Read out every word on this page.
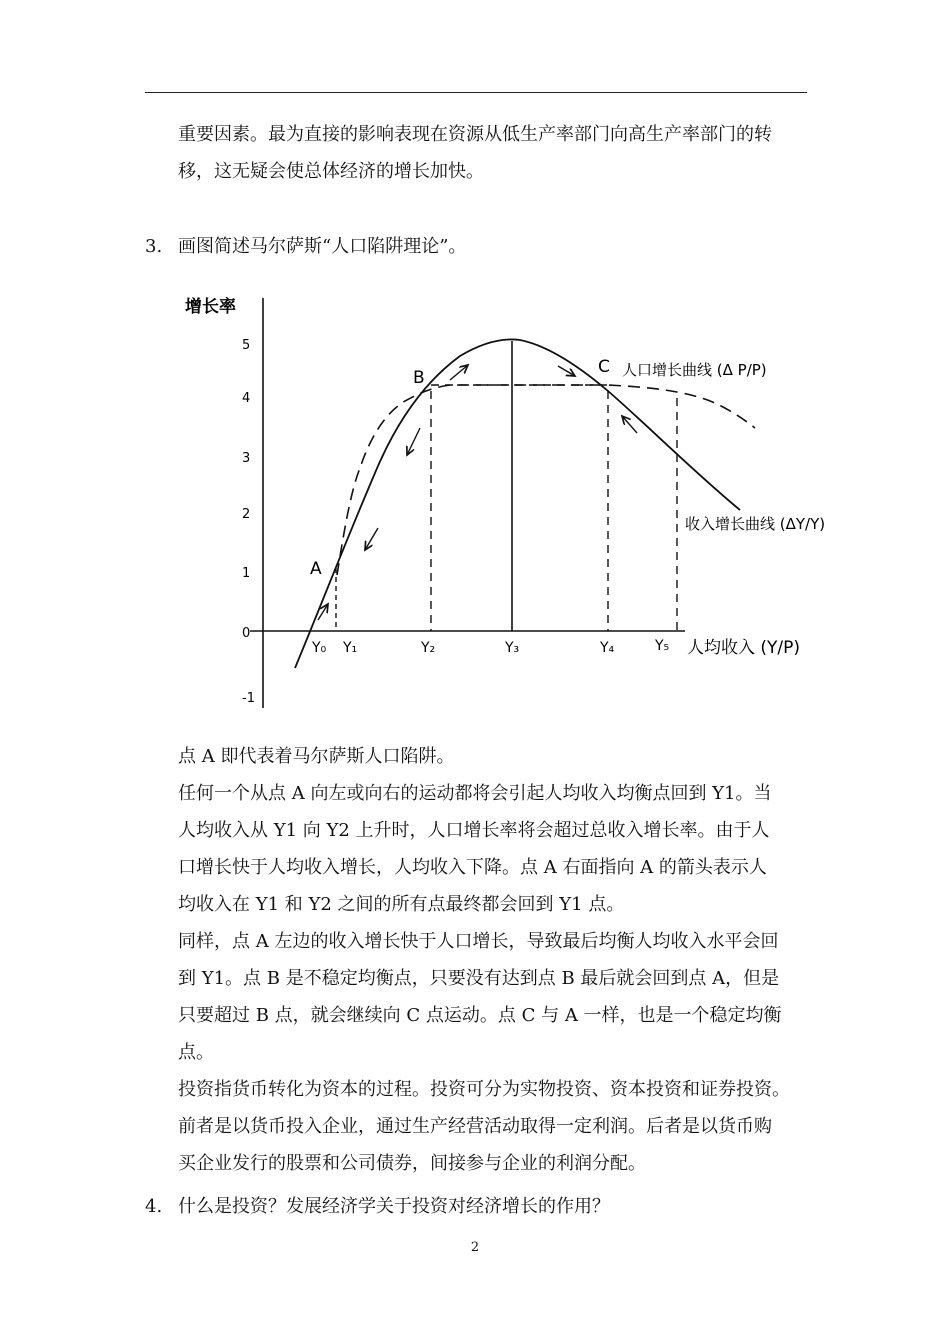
重要因素。最为直接的影响表现在资源从低生产率部门向高生产率部门的转
移，这无疑会使总体经济的增长加快。
3. 画图简述马尔萨斯“人口陷阱理论”。
增长率
人均收入 (Y/P)
5
4
3
2
1
0
-1
Y₀ Y₁	Y₂	Y₃	Y₄	Y₅
A
B
C 人口增长曲线 (Δ P/P)
收入增长曲线 (ΔY/Y)
点 A 即代表着马尔萨斯人口陷阱。
任何一个从点 A 向左或向右的运动都将会引起人均收入均衡点回到 Y1。当
人均收入从 Y1 向 Y2 上升时，人口增长率将会超过总收入增长率。由于人
口增长快于人均收入增长，人均收入下降。点 A 右面指向 A 的箭头表示人
均收入在 Y1 和 Y2 之间的所有点最终都会回到 Y1 点。
同样，点 A 左边的收入增长快于人口增长，导致最后均衡人均收入水平会回
到 Y1。点 B 是不稳定均衡点，只要没有达到点 B 最后就会回到点 A，但是
只要超过 B 点，就会继续向 C 点运动。点 C 与 A 一样，也是一个稳定均衡
点。
投资指货币转化为资本的过程。投资可分为实物投资、资本投资和证券投资。
前者是以货币投入企业，通过生产经营活动取得一定利润。后者是以货币购
买企业发行的股票和公司债券，间接参与企业的利润分配。
4. 什么是投资？发展经济学关于投资对经济增长的作用？
2
